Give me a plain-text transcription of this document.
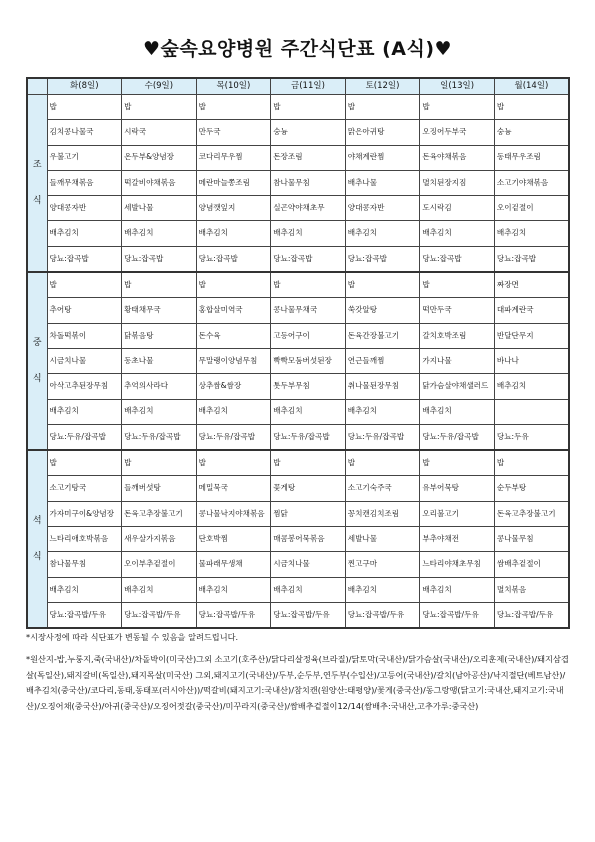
♥숲속요양병원 주간식단표 (A식)♥
	화(8일)	수(9일)	목(10일)	금(11일)	토(12일)	일(13일)	월(14일)
조

식	밥	밥	밥	밥	밥	밥	밥
	김치콩나물국	시락국	만두국	숭늉	맑은아귀탕	오징어두부국	숭늉
	우불고기	온두부&양념장	코다리무우찜	돈장조림	야채계란찜	돈육야채볶음	동태무우조림
	들깨무채볶음	떡갈비야채볶음	메란마늘쫑조림	참나물무침	배추나물	멸치된장지짐	소고기야채볶음
	양대콩자반	세발나물	양념깻잎지	실곤약야채초무	양대콩자반	도시락김	오이겉절이
	배추김치	배추김치	배추김치	배추김치	배추김치	배추김치	배추김치
	당뇨:잡곡밥	당뇨:잡곡밥	당뇨:잡곡밥	당뇨:잡곡밥	당뇨:잡곡밥	당뇨:잡곡밥	당뇨:잡곡밥
중

식	밥	밥	밥	밥	밥	밥	짜장면
	추어탕	황태채무국	홍합살미역국	콩나물무채국	쑥갓알탕	떡만두국	대파계란국
	차돌떡볶이	닭볶음탕	돈수육	고등어구이	돈육간장불고기	갈치호박조림	반달단무지
	시금치나물	동초나물	무말랭이양념무침	빡빡모둠버섯된장	연근들깨찜	가지나물	바나나
	아삭고추된장무침	추억의사라다	상추쌈&쌈장	톳두부무침	취나물된장무침	닭가슴살야채샐러드	배추김치
	배추김치	배추김치	배추김치	배추김치	배추김치	배추김치	
	당뇨:두유/잡곡밥	당뇨:두유/잡곡밥	당뇨:두유/잡곡밥	당뇨:두유/잡곡밥	당뇨:두유/잡곡밥	당뇨:두유/잡곡밥	당뇨:두유
석

식	밥	밥	밥	밥	밥	밥	밥
	소고기탕국	들깨버섯탕	메밀묵국	꽃게탕	소고기숙주국	유부어묵탕	순두부탕
	가자미구이&양념장	돈육고추장불고기	콩나물낙지야채볶음	찜닭	꽁치캔김치조림	오리불고기	돈육고추장불고기
	느타리애호박볶음	새우살가지볶음	단호박찜	매콤봉어묵볶음	세발나물	부추야채전	콩나물무침
	참나물무침	오이부추겉절이	물파래무생채	시금치나물	찐고구마	느타리야채초무침	쌈배추겉절이
	배추김치	배추김치	배추김치	배추김치	배추김치	배추김치	멸치볶음
	당뇨:잡곡밥/두유	당뇨:잡곡밥/두유	당뇨:잡곡밥/두유	당뇨:잡곡밥/두유	당뇨:잡곡밥/두유	당뇨:잡곡밥/두유	당뇨:잡곡밥/두유
*시장사정에 따라 식단표가 변동될 수 있음을 알려드립니다.
*원산지-밥,누룽지,죽(국내산)/차돌박이(미국산)그외 소고기(호주산)/닭다리살정육(브라질)/닭토막(국내산)/닭가슴살(국내산)/오리훈제(국내산)/돼지삼겹살(독일산),돼지갈비(독일산),돼지목살(미국산) 그외,돼지고기(국내산)/두부,순두부,연두부(수입산)/고등어(국내산)/갈치(남아공산)/낙지절단(베트남산)/배추김치(중국산)/코다리,동태,동태포(러시아산))/떡갈비(돼지고기:국내산)/참치캔(원양산:태평양)/꽃게(중국산)/동그랑땡(닭고기:국내산,돼지고기:국내산)/오징어채(중국산)/아귀(중국산)/오징어젓갈(중국산)/미꾸라지(중국산)/쌈배추겉절이12/14(쌈배추:국내산,고추가루:중국산)
